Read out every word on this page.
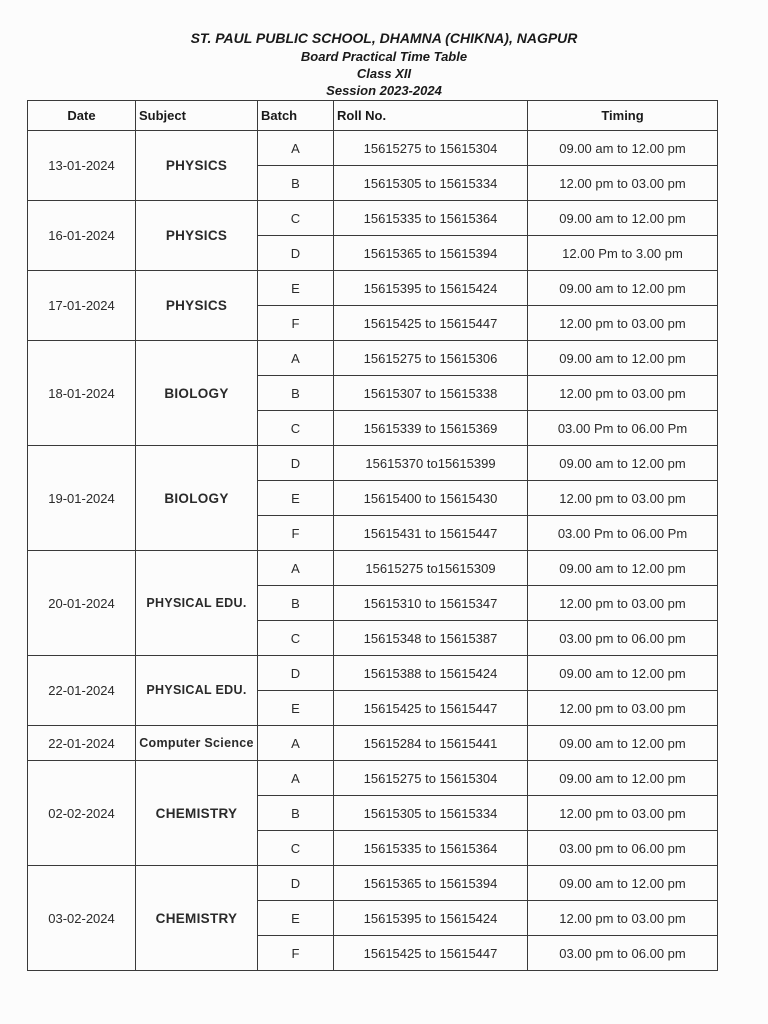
ST. PAUL PUBLIC SCHOOL, DHAMNA (CHIKNA), NAGPUR
Board Practical Time Table
Class XII
Session 2023-2024
Date	Subject	Batch	Roll No.	Timing
13-01-2024	PHYSICS	A	15615275 to 15615304	09.00 am to 12.00 pm
		B	15615305 to 15615334	12.00 pm to 03.00 pm
16-01-2024	PHYSICS	C	15615335 to 15615364	09.00 am to 12.00 pm
		D	15615365 to 15615394	12.00 Pm to 3.00 pm
17-01-2024	PHYSICS	E	15615395 to 15615424	09.00 am to 12.00 pm
		F	15615425 to 15615447	12.00 pm to 03.00 pm
18-01-2024	BIOLOGY	A	15615275 to 15615306	09.00 am to 12.00 pm
		B	15615307 to 15615338	12.00 pm to 03.00 pm
		C	15615339 to 15615369	03.00 Pm to 06.00 Pm
19-01-2024	BIOLOGY	D	15615370 to15615399	09.00 am to 12.00 pm
		E	15615400 to 15615430	12.00 pm to 03.00 pm
		F	15615431 to 15615447	03.00 Pm to 06.00 Pm
20-01-2024	PHYSICAL EDU.	A	15615275 to15615309	09.00 am to 12.00 pm
		B	15615310 to 15615347	12.00 pm to 03.00 pm
		C	15615348 to 15615387	03.00 pm to 06.00 pm
22-01-2024	PHYSICAL EDU.	D	15615388 to 15615424	09.00 am to 12.00 pm
		E	15615425 to 15615447	12.00 pm to 03.00 pm
22-01-2024	Computer Science	A	15615284 to 15615441	09.00 am to 12.00 pm
02-02-2024	CHEMISTRY	A	15615275 to 15615304	09.00 am to 12.00 pm
		B	15615305 to 15615334	12.00 pm to 03.00 pm
		C	15615335 to 15615364	03.00 pm to 06.00 pm
03-02-2024	CHEMISTRY	D	15615365 to 15615394	09.00 am to 12.00 pm
		E	15615395 to 15615424	12.00 pm to 03.00 pm
		F	15615425 to 15615447	03.00 pm to 06.00 pm
